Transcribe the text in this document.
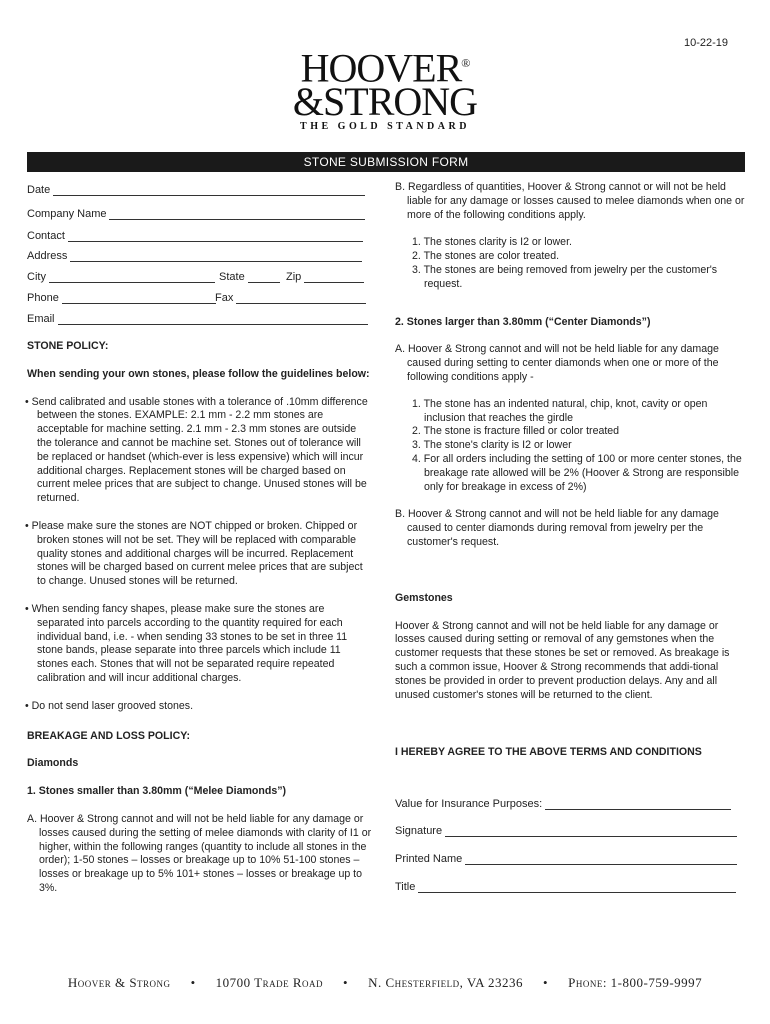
10-22-19
HOOVER®
&STRONG
THE GOLD STANDARD
STONE SUBMISSION FORM
Date
Company Name
Contact
Address
City	State	Zip
Phone	Fax
Email

STONE POLICY:

When sending your own stones, please follow the guidelines below:

• Send calibrated and usable stones with a tolerance of .10mm difference between the stones. EXAMPLE: 2.1 mm - 2.2 mm stones are acceptable for machine setting. 2.1 mm - 2.3 mm stones are outside the tolerance and cannot be machine set. Stones out of tolerance will be replaced or handset (which-ever is less expensive) which will incur additional charges. Replacement stones will be charged based on current melee prices that are subject to change. Unused stones will be returned.

• Please make sure the stones are NOT chipped or broken. Chipped or broken stones will not be set. They will be replaced with comparable quality stones and additional charges will be incurred. Replacement stones will be charged based on current melee prices that are subject to change. Unused stones will be returned.

• When sending fancy shapes, please make sure the stones are separated into parcels according to the quantity required for each individual band, i.e. - when sending 33 stones to be set in three 11 stone bands, please separate into three parcels which include 11 stones each. Stones that will not be separated require repeated calibration and will incur additional charges.

• Do not send laser grooved stones.

BREAKAGE AND LOSS POLICY:

Diamonds

1. Stones smaller than 3.80mm (“Melee Diamonds”)

A. Hoover & Strong cannot and will not be held liable for any damage or losses caused during the setting of melee diamonds with clarity of I1 or higher, within the following ranges (quantity to include all stones in the order); 1-50 stones – losses or breakage up to 10% 51-100 stones – losses or breakage up to 5% 101+ stones – losses or breakage up to 3%.

B. Regardless of quantities, Hoover & Strong cannot or will not be held liable for any damage or losses caused to melee diamonds when one or more of the following conditions apply.

1. The stones clarity is I2 or lower.
2. The stones are color treated.
3. The stones are being removed from jewelry per the customer's request.

2. Stones larger than 3.80mm (“Center Diamonds”)

A. Hoover & Strong cannot and will not be held liable for any damage caused during setting to center diamonds when one or more of the following conditions apply -

1. The stone has an indented natural, chip, knot, cavity or open inclusion that reaches the girdle
2. The stone is fracture filled or color treated
3. The stone's clarity is I2 or lower
4. For all orders including the setting of 100 or more center stones, the breakage rate allowed will be 2% (Hoover & Strong are responsible only for breakage in excess of 2%)

B. Hoover & Strong cannot and will not be held liable for any damage caused to center diamonds during removal from jewelry per the customer's request.

Gemstones

Hoover & Strong cannot and will not be held liable for any damage or losses caused during setting or removal of any gemstones when the customer requests that these stones be set or removed. As breakage is such a common issue, Hoover & Strong recommends that addi-tional stones be provided in order to prevent production delays. Any and all unused customer's stones will be returned to the client.

I HEREBY AGREE TO THE ABOVE TERMS AND CONDITIONS

Value for Insurance Purposes:
Signature
Printed Name
Title
Hoover & Strong • 10700 Trade Road • N. Chesterfield, VA 23236 • Phone: 1-800-759-9997
